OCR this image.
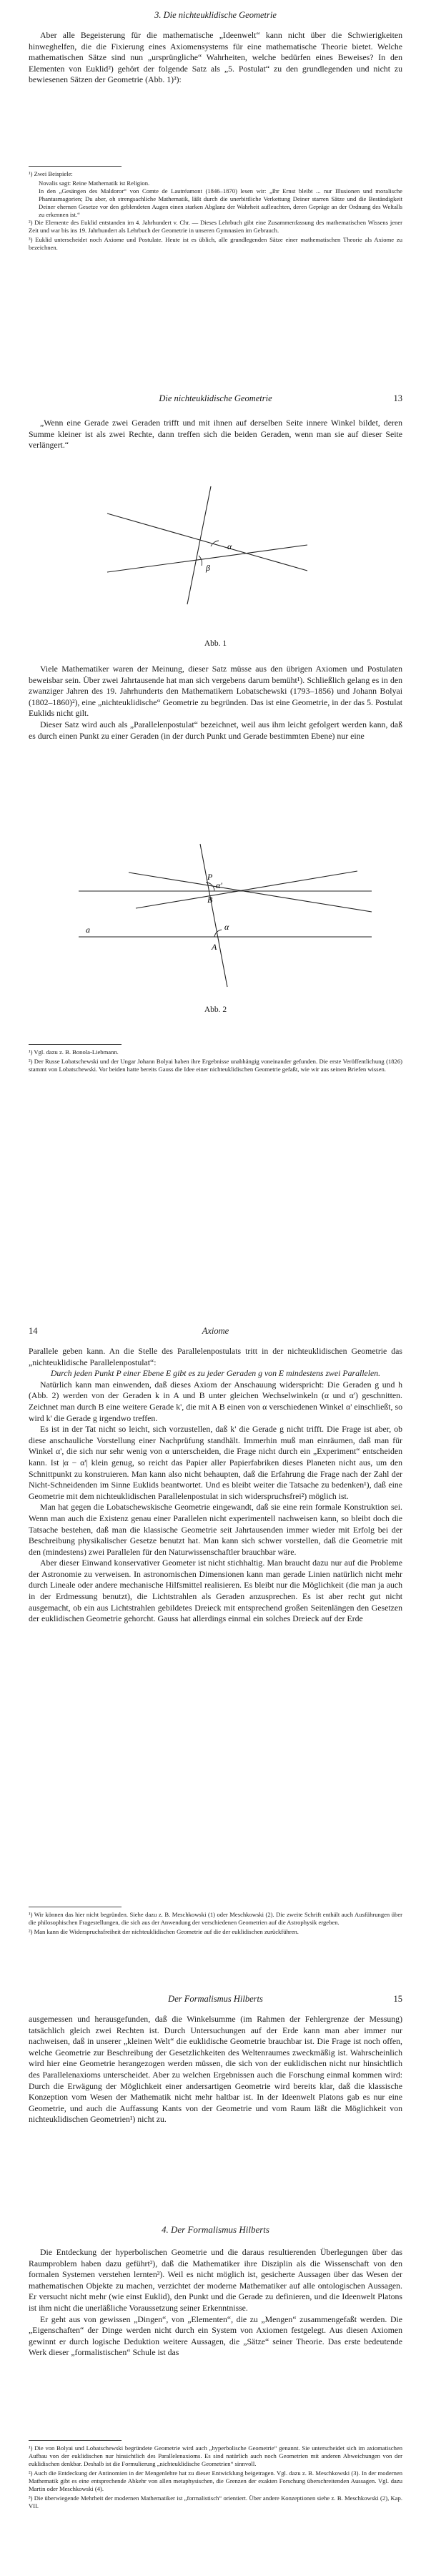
3. Die nichteuklidische Geometrie

Aber alle Begeisterung für die mathematische „Ideenwelt“ kann nicht über die Schwierigkeiten hinweghelfen, die die Fixierung eines Axiomensystems für eine mathematische Theorie bietet. Welche mathematischen Sätze sind nun „ursprüngliche“ Wahrheiten, welche bedürfen eines Beweises? In den Elementen von Euklid²) gehört der folgende Satz als „5. Postulat“ zu den grundlegenden und nicht zu bewiesenen Sätzen der Geometrie (Abb. 1)³):

¹) Zwei Beispiele:

Novalis sagt: Reine Mathematik ist Religion.

In den „Gesängen des Maldoror“ von Comte de Lautréamont (1846–1870) lesen wir: „Ihr Ernst bleibt ... nur Illusionen und moralische Phantasmagorien; Du aber, oh strengsachliche Mathematik, läßt durch die unerbittliche Verkettung Deiner starren Sätze und die Beständigkeit Deiner ehernen Gesetze vor den geblendeten Augen einen starken Abglanz der Wahrheit aufleuchten, deren Gepräge an der Ordnung des Weltalls zu erkennen ist.“

²) Die Elemente des Euklid entstanden im 4. Jahrhundert v. Chr. — Dieses Lehrbuch gibt eine Zusammenfassung des mathematischen Wissens jener Zeit und war bis ins 19. Jahrhundert als Lehrbuch der Geometrie in unseren Gymnasien im Gebrauch.

³) Euklid unterscheidet noch Axiome und Postulate. Heute ist es üblich, alle grundlegenden Sätze einer mathematischen Theorie als Axiome zu bezeichnen.

Die nichteuklidische Geometrie	13

„Wenn eine Gerade zwei Geraden trifft und mit ihnen auf derselben Seite innere Winkel bildet, deren Summe kleiner ist als zwei Rechte, dann treffen sich die beiden Geraden, wenn man sie auf dieser Seite verlängert.“

α
β
Abb. 1

Viele Mathematiker waren der Meinung, dieser Satz müsse aus den übrigen Axiomen und Postulaten beweisbar sein. Über zwei Jahrtausende hat man sich vergebens darum bemüht¹). Schließlich gelang es in den zwanziger Jahren des 19. Jahrhunderts den Mathematikern Lobatschewski (1793–1856) und Johann Bolyai (1802–1860)²), eine „nichteuklidische“ Geometrie zu begründen. Das ist eine Geometrie, in der das 5. Postulat Euklids nicht gilt.

Dieser Satz wird auch als „Parallelenpostulat“ bezeichnet, weil aus ihm leicht gefolgert werden kann, daß es durch einen Punkt zu einer Geraden (in der durch Punkt und Gerade bestimmten Ebene) nur eine

P
A
B
a	α
α'
Abb. 2

¹) Vgl. dazu z. B. Bonola-Liebmann.

²) Der Russe Lobatschewski und der Ungar Johann Bolyai haben ihre Ergebnisse unabhängig voneinander gefunden. Die erste Veröffentlichung (1826) stammt von Lobatschewski. Vor beiden hatte bereits Gauss die Idee einer nichteuklidischen Geometrie gefaßt, wie wir aus seinen Briefen wissen.

14	Axiome

Parallele geben kann. An die Stelle des Parallelenpostulats tritt in der nichteuklidischen Geometrie das „nichteuklidische Parallelenpostulat“:

Durch jeden Punkt P einer Ebene E gibt es zu jeder Geraden g von E mindestens zwei Parallelen.

Natürlich kann man einwenden, daß dieses Axiom der Anschauung widerspricht: Die Geraden g und h (Abb. 2) werden von der Geraden k in A und B unter gleichen Wechselwinkeln (α und α') geschnitten. Zeichnet man durch B eine weitere Gerade k', die mit A B einen von α verschiedenen Winkel α' einschließt, so wird k' die Gerade g irgendwo treffen.

Es ist in der Tat nicht so leicht, sich vorzustellen, daß k' die Gerade g nicht trifft. Die Frage ist aber, ob diese anschauliche Vorstellung einer Nachprüfung standhält. Immerhin muß man einräumen, daß man für Winkel α', die sich nur sehr wenig von α unterscheiden, die Frage nicht durch ein „Experiment“ entscheiden kann. Ist |α − α'| klein genug, so reicht das Papier aller Papierfabriken dieses Planeten nicht aus, um den Schnittpunkt zu konstruieren. Man kann also nicht behaupten, daß die Erfahrung die Frage nach der Zahl der Nicht-Schneidenden im Sinne Euklids beantwortet. Und es bleibt weiter die Tatsache zu bedenken¹), daß eine Geometrie mit dem nichteuklidischen Parallelenpostulat in sich widerspruchsfrei²) möglich ist.

Man hat gegen die Lobatschewskische Geometrie eingewandt, daß sie eine rein formale Konstruktion sei. Wenn man auch die Existenz genau einer Parallelen nicht experimentell nachweisen kann, so bleibt doch die Tatsache bestehen, daß man die klassische Geometrie seit Jahrtausenden immer wieder mit Erfolg bei der Beschreibung physikalischer Gesetze benutzt hat. Man kann sich schwer vorstellen, daß die Geometrie mit den (mindestens) zwei Parallelen für den Naturwissenschaftler brauchbar wäre.

Aber dieser Einwand konservativer Geometer ist nicht stichhaltig. Man braucht dazu nur auf die Probleme der Astronomie zu verweisen. In astronomischen Dimensionen kann man gerade Linien natürlich nicht mehr durch Lineale oder andere mechanische Hilfsmittel realisieren. Es bleibt nur die Möglichkeit (die man ja auch in der Erdmessung benutzt), die Lichtstrahlen als Geraden anzusprechen. Es ist aber recht gut nicht ausgemacht, ob ein aus Lichtstrahlen gebildetes Dreieck mit entsprechend großen Seitenlängen den Gesetzen der euklidischen Geometrie gehorcht. Gauss hat allerdings einmal ein solches Dreieck auf der Erde

¹) Wir können das hier nicht begründen. Siehe dazu z. B. Meschkowski (1) oder Meschkowski (2). Die zweite Schrift enthält auch Ausführungen über die philosophischen Fragestellungen, die sich aus der Anwendung der verschiedenen Geometrien auf die Astrophysik ergeben.

²) Man kann die Widerspruchsfreiheit der nichteuklidischen Geometrie auf die der euklidischen zurückführen.

Der Formalismus Hilberts	15

ausgemessen und herausgefunden, daß die Winkelsumme (im Rahmen der Fehlergrenze der Messung) tatsächlich gleich zwei Rechten ist. Durch Untersuchungen auf der Erde kann man aber immer nur nachweisen, daß in unserer „kleinen Welt“ die euklidische Geometrie brauchbar ist. Die Frage ist noch offen, welche Geometrie zur Beschreibung der Gesetzlichkeiten des Weltenraumes zweckmäßig ist. Wahrscheinlich wird hier eine Geometrie herangezogen werden müssen, die sich von der euklidischen nicht nur hinsichtlich des Parallelenaxioms unterscheidet. Aber zu welchen Ergebnissen auch die Forschung einmal kommen wird: Durch die Erwägung der Möglichkeit einer andersartigen Geometrie wird bereits klar, daß die klassische Konzeption vom Wesen der Mathematik nicht mehr haltbar ist. In der Ideenwelt Platons gab es nur eine Geometrie, und auch die Auffassung Kants von der Geometrie und vom Raum läßt die Möglichkeit von nichteuklidischen Geometrien¹) nicht zu.

4. Der Formalismus Hilberts

Die Entdeckung der hyperbolischen Geometrie und die daraus resultierenden Überlegungen über das Raumproblem haben dazu geführt²), daß die Mathematiker ihre Disziplin als die Wissenschaft von den formalen Systemen verstehen lernten³). Weil es nicht möglich ist, gesicherte Aussagen über das Wesen der mathematischen Objekte zu machen, verzichtet der moderne Mathematiker auf alle ontologischen Aussagen. Er versucht nicht mehr (wie einst Euklid), den Punkt und die Gerade zu definieren, und die Ideenwelt Platons ist ihm nicht die unerläßliche Voraussetzung seiner Erkenntnisse.

Er geht aus von gewissen „Dingen“, von „Elementen“, die zu „Mengen“ zusammengefaßt werden. Die „Eigenschaften“ der Dinge werden nicht durch ein System von Axiomen festgelegt. Aus diesen Axiomen gewinnt er durch logische Deduktion weitere Aussagen, die „Sätze“ seiner Theorie. Das erste bedeutende Werk dieser „formalistischen“ Schule ist das

¹) Die von Bolyai und Lobatschewski begründete Geometrie wird auch „hyperbolische Geometrie“ genannt. Sie unterscheidet sich im axiomatischen Aufbau von der euklidischen nur hinsichtlich des Parallelenaxioms. Es sind natürlich auch noch Geometrien mit anderen Abweichungen von der euklidischen denkbar. Deshalb ist die Formulierung „nichteuklidische Geometrien“ sinnvoll.

²) Auch die Entdeckung der Antinomien in der Mengenlehre hat zu dieser Entwicklung beigetragen. Vgl. dazu z. B. Meschkowski (3). In der modernen Mathematik gibt es eine entsprechende Abkehr von allen metaphysischen, die Grenzen der exakten Forschung überschreitenden Aussagen. Vgl. dazu Martin oder Meschkowski (4).

³) Die überwiegende Mehrheit der modernen Mathematiker ist „formalistisch“ orientiert. Über andere Konzeptionen siehe z. B. Meschkowski (2), Kap. VII.
